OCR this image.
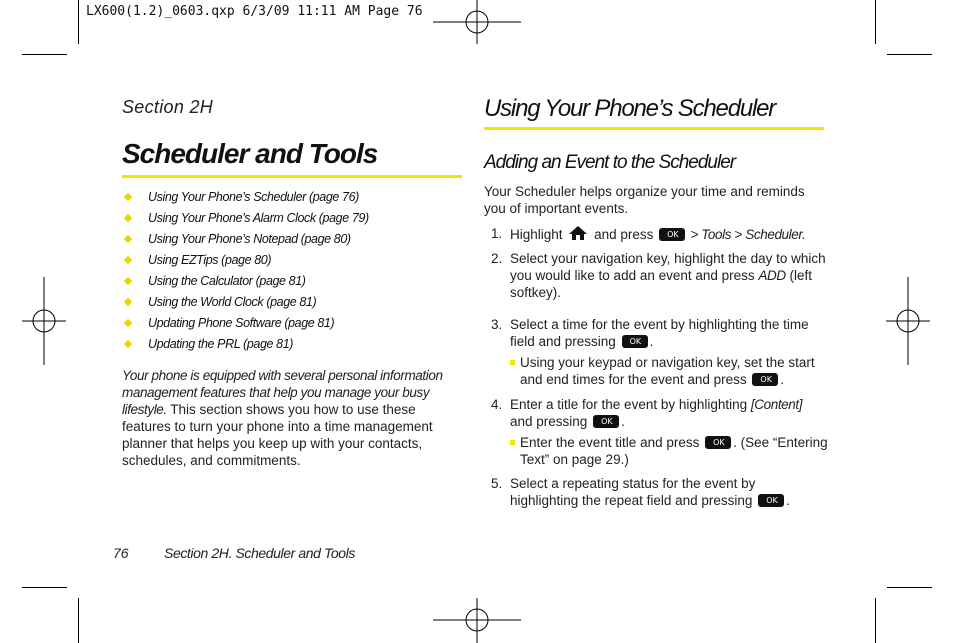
LX600(1.2)_0603.qxp 6/3/09 11:11 AM Page 76
Section 2H
Scheduler and Tools
Using Your Phone’s Scheduler (page 76)
Using Your Phone’s Alarm Clock (page 79)
Using Your Phone’s Notepad (page 80)
Using EZTips (page 80)
Using the Calculator (page 81)
Using the World Clock (page 81)
Updating Phone Software (page 81)
Updating the PRL (page 81)
Your phone is equipped with several personal information
management features that help you manage your busy
lifestyle. This section shows you how to use these
features to turn your phone into a time management
planner that helps you keep up with your contacts,
schedules, and commitments.
Using Your Phone’s Scheduler
Adding an Event to the Scheduler
Your Scheduler helps organize your time and reminds
you of important events.
1. Highlight and press OK	> Tools > Scheduler.
2. Select your navigation key, highlight the day to which
you would like to add an event and press ADD (left
softkey).
3. Select a time for the event by highlighting the time
field and pressing OK	.
Using your keypad or navigation key, set the start
and end times for the event and press OK	.
4. Enter a title for the event by highlighting [Content]
and pressing OK	.
Enter the event title and press OK	. (See “Entering
Text” on page 29.)
5. Select a repeating status for the event by
highlighting the repeat field and pressing OK	.
76	Section 2H. Scheduler and Tools
